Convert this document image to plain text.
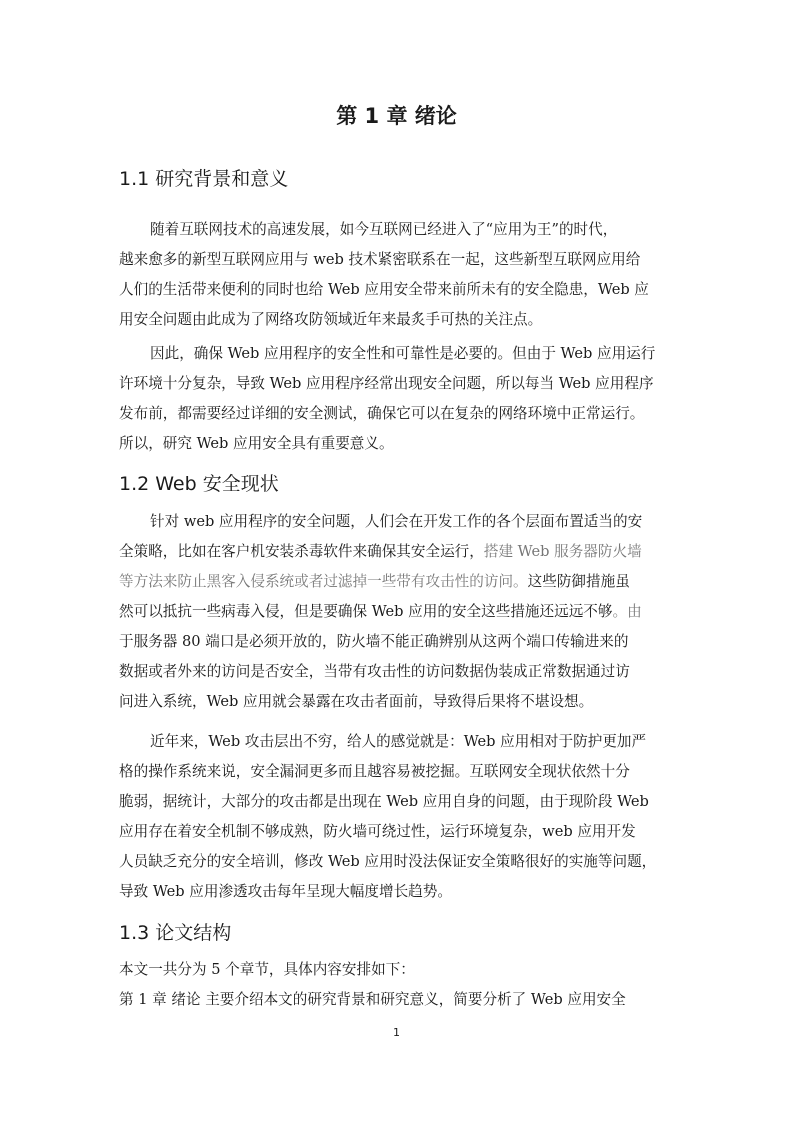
第 1 章 绪论
1.1 研究背景和意义
随着互联网技术的高速发展，如今互联网已经进入了“应用为王”的时代，
越来愈多的新型互联网应用与 web 技术紧密联系在一起，这些新型互联网应用给
人们的生活带来便利的同时也给 Web 应用安全带来前所未有的安全隐患，Web 应
用安全问题由此成为了网络攻防领域近年来最炙手可热的关注点。
因此，确保 Web 应用程序的安全性和可靠性是必要的。但由于 Web 应用运行
许环境十分复杂，导致 Web 应用程序经常出现安全问题，所以每当 Web 应用程序
发布前，都需要经过详细的安全测试，确保它可以在复杂的网络环境中正常运行。
所以，研究 Web 应用安全具有重要意义。
1.2 Web 安全现状
针对 web 应用程序的安全问题，人们会在开发工作的各个层面布置适当的安
全策略，比如在客户机安装杀毒软件来确保其安全运行，搭建 Web 服务器防火墙
等方法来防止黑客入侵系统或者过滤掉一些带有攻击性的访问。这些防御措施虽
然可以抵抗一些病毒入侵，但是要确保 Web 应用的安全这些措施还远远不够。由
于服务器 80 端口是必须开放的，防火墙不能正确辨别从这两个端口传输进来的
数据或者外来的访问是否安全，当带有攻击性的访问数据伪装成正常数据通过访
问进入系统，Web 应用就会暴露在攻击者面前，导致得后果将不堪设想。
近年来，Web 攻击层出不穷，给人的感觉就是：Web 应用相对于防护更加严
格的操作系统来说，安全漏洞更多而且越容易被挖掘。互联网安全现状依然十分
脆弱，据统计，大部分的攻击都是出现在 Web 应用自身的问题，由于现阶段 Web
应用存在着安全机制不够成熟，防火墙可绕过性，运行环境复杂，web 应用开发
人员缺乏充分的安全培训，修改 Web 应用时没法保证安全策略很好的实施等问题，
导致 Web 应用渗透攻击每年呈现大幅度增长趋势。
1.3 论文结构
本文一共分为 5 个章节，具体内容安排如下：
第 1 章 绪论 主要介绍本文的研究背景和研究意义，简要分析了 Web 应用安全
1
